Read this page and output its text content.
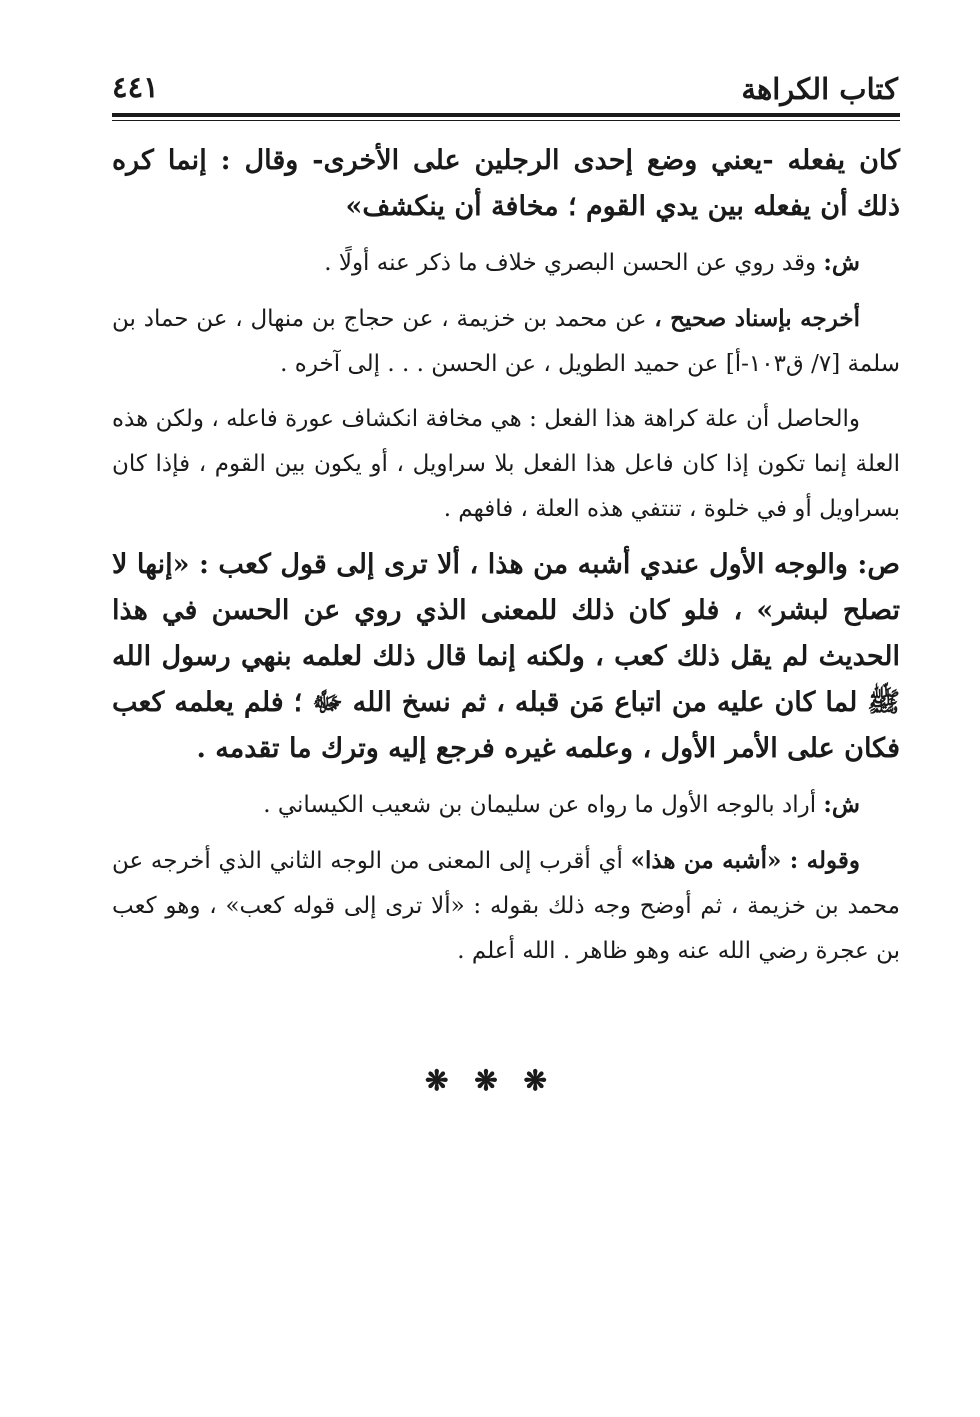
كتاب الكراهة
٤٤١

كان يفعله -يعني وضع إحدى الرجلين على الأخرى- وقال : إنما كره ذلك أن يفعله بين يدي القوم ؛ مخافة أن ينكشف»

ش: وقد روي عن الحسن البصري خلاف ما ذكر عنه أولًا .

أخرجه بإسناد صحيح ، عن محمد بن خزيمة ، عن حجاج بن منهال ، عن حماد بن سلمة [٧/ ق١٠٣-أ] عن حميد الطويل ، عن الحسن . . . إلى آخره .

والحاصل أن علة كراهة هذا الفعل : هي مخافة انكشاف عورة فاعله ، ولكن هذه العلة إنما تكون إذا كان فاعل هذا الفعل بلا سراويل ، أو يكون بين القوم ، فإذا كان بسراويل أو في خلوة ، تنتفي هذه العلة ، فافهم .

ص: والوجه الأول عندي أشبه من هذا ، ألا ترى إلى قول كعب : «إنها لا تصلح لبشر» ، فلو كان ذلك للمعنى الذي روي عن الحسن في هذا الحديث لم يقل ذلك كعب ، ولكنه إنما قال ذلك لعلمه بنهي رسول الله ﷺ لما كان عليه من اتباع مَن قبله ، ثم نسخ الله ﷻ ؛ فلم يعلمه كعب فكان على الأمر الأول ، وعلمه غيره فرجع إليه وترك ما تقدمه .

ش: أراد بالوجه الأول ما رواه عن سليمان بن شعيب الكيساني .

وقوله : «أشبه من هذا» أي أقرب إلى المعنى من الوجه الثاني الذي أخرجه عن محمد بن خزيمة ، ثم أوضح وجه ذلك بقوله : «ألا ترى إلى قوله كعب» ، وهو كعب بن عجرة رضي الله عنه وهو ظاهر . الله أعلم .

❋ ❋ ❋
